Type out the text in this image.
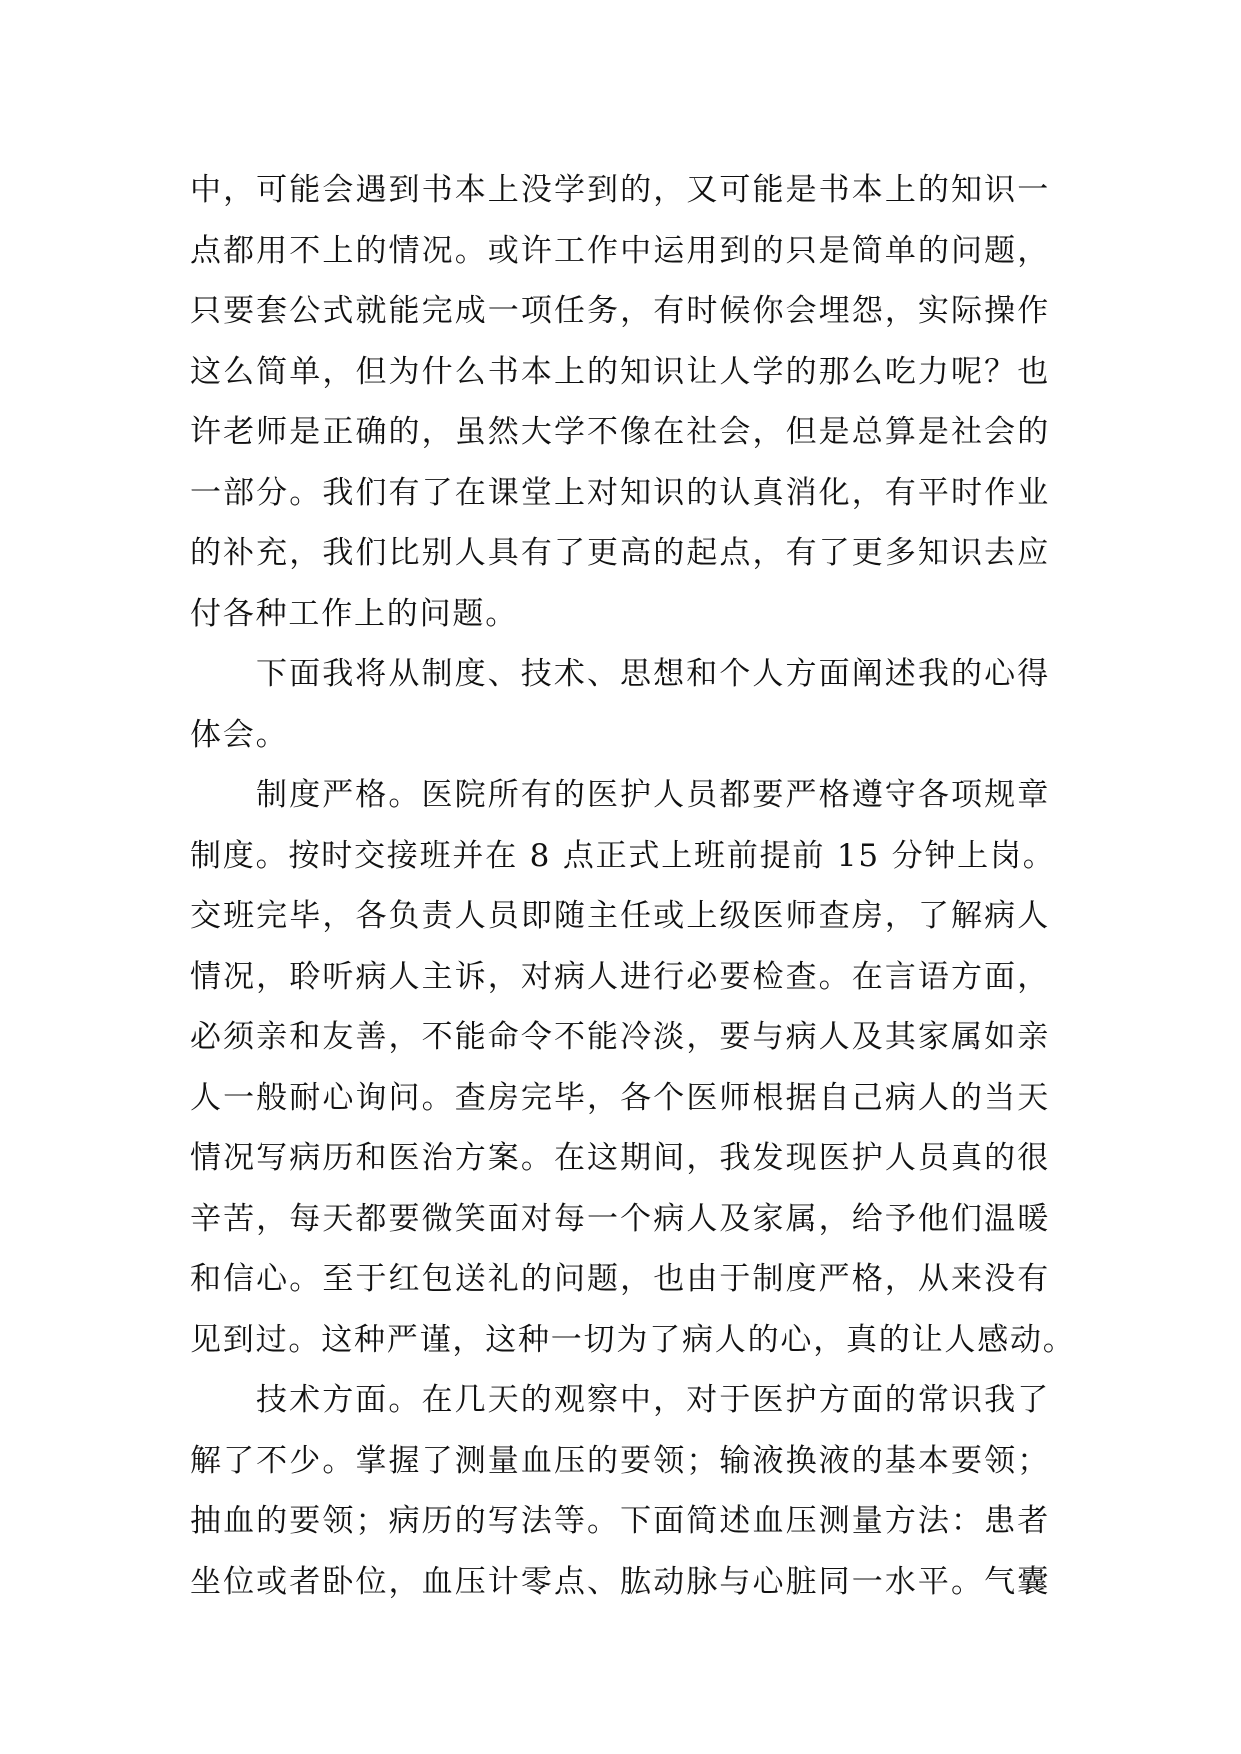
中，可能会遇到书本上没学到的，又可能是书本上的知识一
点都用不上的情况。或许工作中运用到的只是简单的问题，
只要套公式就能完成一项任务，有时候你会埋怨，实际操作
这么简单，但为什么书本上的知识让人学的那么吃力呢？也
许老师是正确的，虽然大学不像在社会，但是总算是社会的
一部分。我们有了在课堂上对知识的认真消化，有平时作业
的补充，我们比别人具有了更高的起点，有了更多知识去应
付各种工作上的问题。
下面我将从制度、技术、思想和个人方面阐述我的心得
体会。
制度严格。医院所有的医护人员都要严格遵守各项规章
制度。按时交接班并在 8 点正式上班前提前 15 分钟上岗。
交班完毕，各负责人员即随主任或上级医师查房，了解病人
情况，聆听病人主诉，对病人进行必要检查。在言语方面，
必须亲和友善，不能命令不能冷淡，要与病人及其家属如亲
人一般耐心询问。查房完毕，各个医师根据自己病人的当天
情况写病历和医治方案。在这期间，我发现医护人员真的很
辛苦，每天都要微笑面对每一个病人及家属，给予他们温暖
和信心。至于红包送礼的问题，也由于制度严格，从来没有
见到过。这种严谨，这种一切为了病人的心，真的让人感动。
技术方面。在几天的观察中，对于医护方面的常识我了
解了不少。掌握了测量血压的要领；输液换液的基本要领；
抽血的要领；病历的写法等。下面简述血压测量方法：患者
坐位或者卧位，血压计零点、肱动脉与心脏同一水平。气囊
